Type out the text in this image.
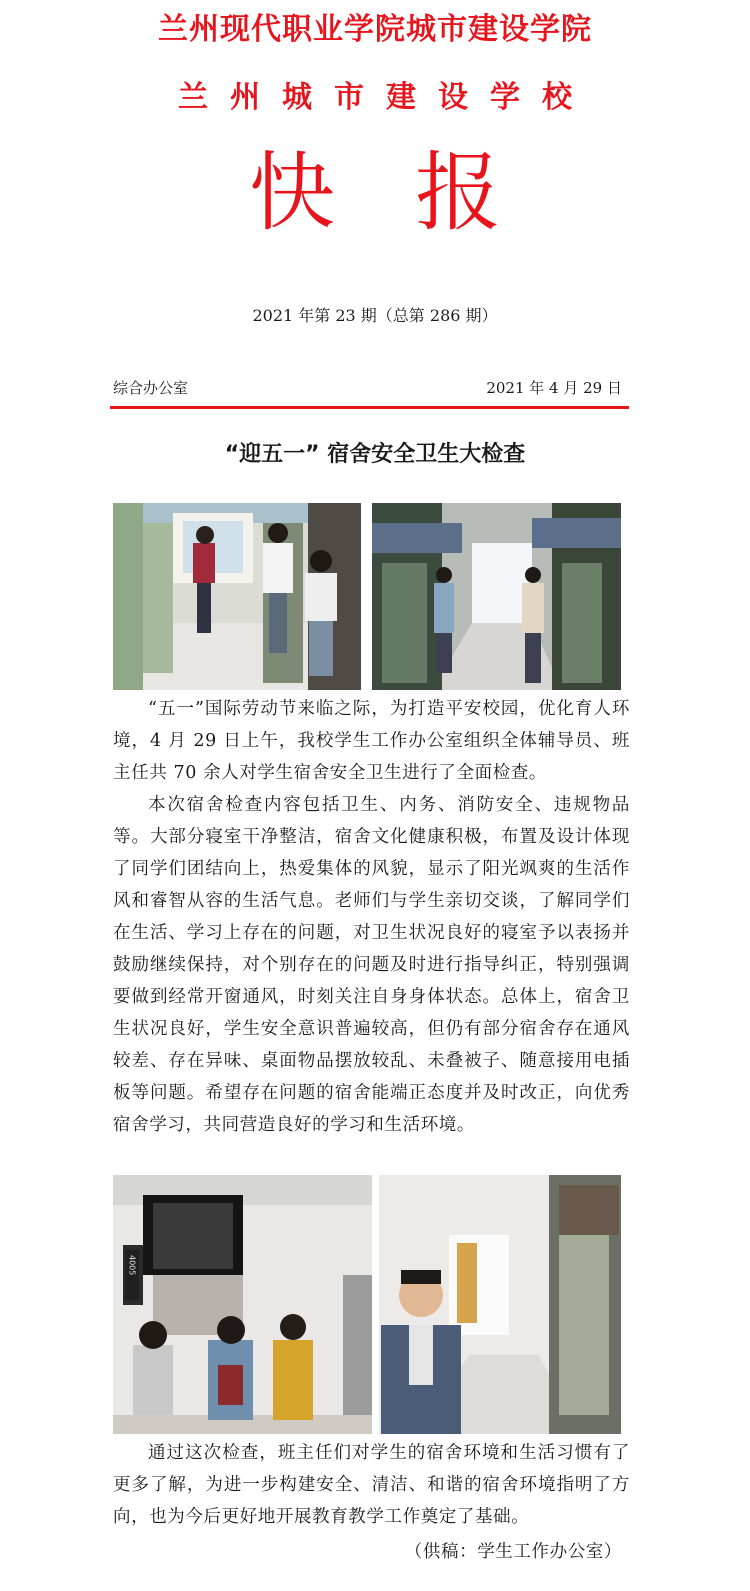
兰州现代职业学院城市建设学院
兰州城市建设学校
快报
2021 年第 23 期（总第 286 期）
综合办公室	2021 年 4 月 29 日
“迎五一” 宿舍安全卫生大检查
“五一”国际劳动节来临之际，为打造平安校园，优化育人环境，4 月 29 日上午，我校学生工作办公室组织全体辅导员、班主任共 70 余人对学生宿舍安全卫生进行了全面检查。
本次宿舍检查内容包括卫生、内务、消防安全、违规物品等。大部分寝室干净整洁，宿舍文化健康积极，布置及设计体现了同学们团结向上，热爱集体的风貌，显示了阳光飒爽的生活作风和睿智从容的生活气息。老师们与学生亲切交谈，了解同学们在生活、学习上存在的问题，对卫生状况良好的寝室予以表扬并鼓励继续保持，对个别存在的问题及时进行指导纠正，特别强调要做到经常开窗通风，时刻关注自身身体状态。总体上，宿舍卫生状况良好，学生安全意识普遍较高，但仍有部分宿舍存在通风较差、存在异味、桌面物品摆放较乱、未叠被子、随意接用电插板等问题。希望存在问题的宿舍能端正态度并及时改正，向优秀宿舍学习，共同营造良好的学习和生活环境。
4005
通过这次检查，班主任们对学生的宿舍环境和生活习惯有了更多了解，为进一步构建安全、清洁、和谐的宿舍环境指明了方向，也为今后更好地开展教育教学工作奠定了基础。
（供稿：学生工作办公室）
